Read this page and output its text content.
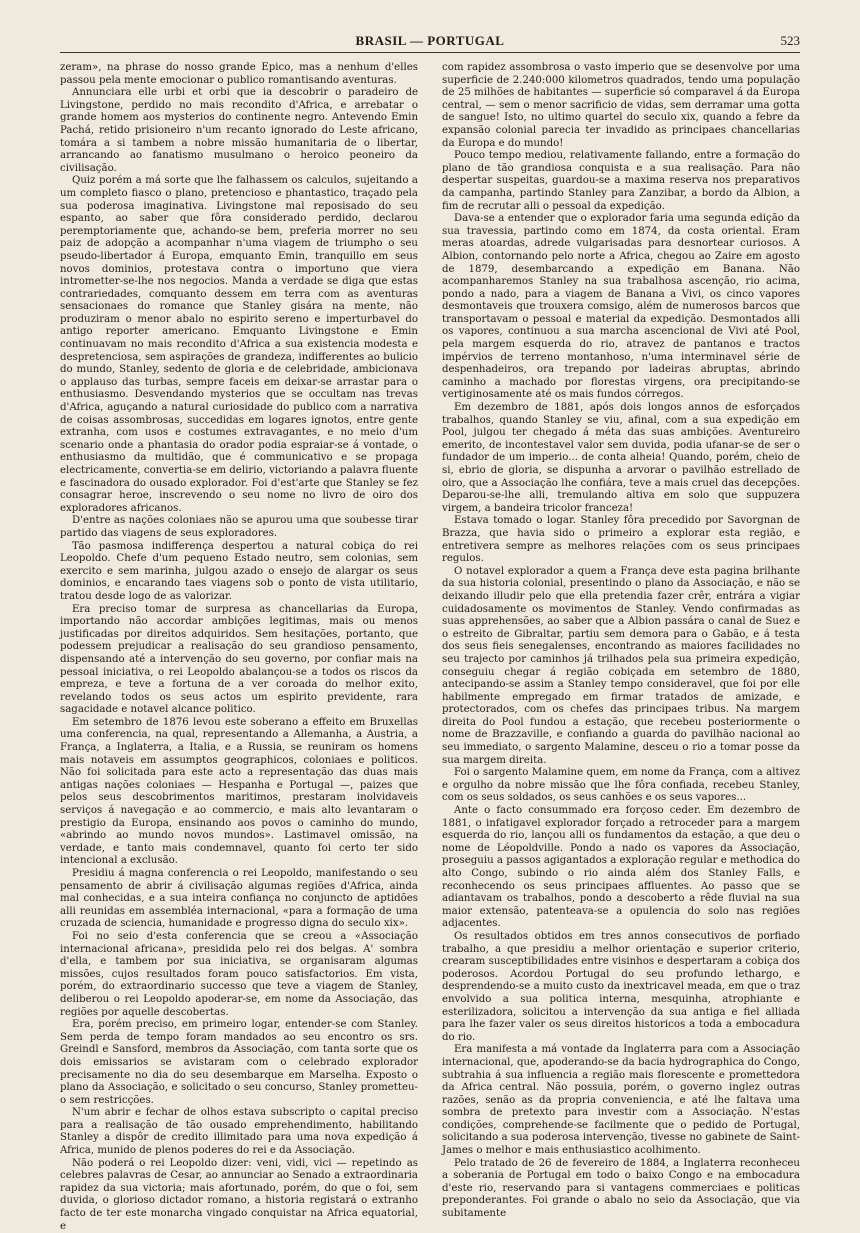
BRASIL — PORTUGAL	523

zeram», na phrase do nosso grande Epico, mas a nenhum d'elles passou pela mente emocionar o publico romantisando aventuras.

Annunciara elle urbi et orbi que ia descobrir o paradeiro de Livingstone, perdido no mais recondito d'Africa, e arrebatar o grande homem aos mysterios do continente negro. Antevendo Emin Pachá, retido prisioneiro n'um recanto ignorado do Leste africano, tomára a si tambem a nobre missão humanitaria de o libertar, arrancando ao fanatismo musulmano o heroico peoneiro da civilisação.

Quiz porém a má sorte que lhe falhassem os calculos, sujeitando a um completo fiasco o plano, pretencioso e phantastico, traçado pela sua poderosa imaginativa. Livingstone mal reposisado do seu espanto, ao saber que fôra considerado perdido, declarou peremptoriamente que, achando-se bem, preferia morrer no seu paiz de adopção a acompanhar n'uma viagem de triumpho o seu pseudo-libertador á Europa, emquanto Emin, tranquillo em seus novos dominios, protestava contra o importuno que viera intrometter-se-lhe nos negocios. Manda a verdade se diga que estas contrariedades, comquanto dessem em terra com as aventuras sensacionaes do romance que Stanley gisára na mente, não produziram o menor abalo no espirito sereno e imperturbavel do antigo reporter americano. Emquanto Livingstone e Emin continuavam no mais recondito d'Africa a sua existencia modesta e despretenciosa, sem aspirações de grandeza, indifferentes ao bulicio do mundo, Stanley, sedento de gloria e de celebridade, ambicionava o applauso das turbas, sempre faceis em deixar-se arrastar para o enthusiasmo. Desvendando mysterios que se occultam nas trevas d'Africa, aguçando a natural curiosidade do publico com a narrativa de coisas assombrosas, succedidas em logares ignotos, entre gente extranha, com usos e costumes extravagantes, e no meio d'um scenario onde a phantasia do orador podia espraiar-se á vontade, o enthusiasmo da multidão, que é communicativo e se propaga electricamente, convertia-se em delirio, victoriando a palavra fluente e fascinadora do ousado explorador. Foi d'est'arte que Stanley se fez consagrar heroe, inscrevendo o seu nome no livro de oiro dos exploradores africanos.

D'entre as nações coloniaes não se apurou uma que soubesse tirar partido das viagens de seus exploradores.

Tão pasmosa indifferença despertou a natural cobiça do rei Leopoldo. Chefe d'um pequeno Estado neutro, sem colonias, sem exercito e sem marinha, julgou azado o ensejo de alargar os seus dominios, e encarando taes viagens sob o ponto de vista utilitario, tratou desde logo de as valorizar.

Era preciso tomar de surpresa as chancellarias da Europa, importando não accordar ambições legitimas, mais ou menos justificadas por direitos adquiridos. Sem hesitações, portanto, que podessem prejudicar a realisação do seu grandioso pensamento, dispensando até a intervenção do seu governo, por confiar mais na pessoal iniciativa, o rei Leopoldo abalançou-se a todos os riscos da empreza, e teve a fortuna de a ver coroada do melhor exito, revelando todos os seus actos um espirito previdente, rara sagacidade e notavel alcance politico.

Em setembro de 1876 levou este soberano a effeito em Bruxellas uma conferencia, na qual, representando a Allemanha, a Austria, a França, a Inglaterra, a Italia, e a Russia, se reuniram os homens mais notaveis em assumptos geographicos, coloniaes e politicos. Não foi solicitada para este acto a representação das duas mais antigas nações coloniaes — Hespanha e Portugal —, paizes que pelos seus descobrimentos maritimos, prestaram inolvidaveis serviços á navegação e ao commercio, e mais alto levantaram o prestigio da Europa, ensinando aos povos o caminho do mundo, «abrindo ao mundo novos mundos». Lastimavel omissão, na verdade, e tanto mais condemnavel, quanto foi certo ter sido intencional a exclusão.

Presidiu á magna conferencia o rei Leopoldo, manifestando o seu pensamento de abrir á civilisação algumas regiões d'Africa, ainda mal conhecidas, e a sua inteira confiança no conjuncto de aptidões alli reunidas em assembléa internacional, «para a formação de uma cruzada de sciencia, humanidade e progresso digna do seculo xix».

Foi no seio d'esta conferencia que se creou a «Associação internacional africana», presidida pelo rei dos belgas. A' sombra d'ella, e tambem por sua iniciativa, se organisaram algumas missões, cujos resultados foram pouco satisfactorios. Em vista, porém, do extraordinario successo que teve a viagem de Stanley, deliberou o rei Leopoldo apoderar-se, em nome da Associação, das regiões por aquelle descobertas.

Era, porém preciso, em primeiro logar, entender-se com Stanley. Sem perda de tempo foram mandados ao seu encontro os srs. Greindl e Sansford, membros da Associação, com tanta sorte que os dois emissarios se avistaram com o celebrado explorador precisamente no dia do seu desembarque em Marselha. Exposto o plano da Associação, e solicitado o seu concurso, Stanley prometteu-o sem restricções.

N'um abrir e fechar de olhos estava subscripto o capital preciso para a realisação de tão ousado emprehendimento, habilitando Stanley a dispôr de credito illimitado para uma nova expedição á Africa, munido de plenos poderes do rei e da Associação.

Não poderá o rei Leopoldo dizer: veni, vidi, vici — repetindo as celebres palavras de Cesar, ao annunciar ao Senado a extraordinaria rapidez da sua victoria; mais afortunado, porém, do que o foi, sem duvida, o glorioso dictador romano, a historia registará o extranho facto de ter este monarcha vingado conquistar na Africa equatorial, e

com rapidez assombrosa o vasto imperio que se desenvolve por uma superficie de 2.240:000 kilometros quadrados, tendo uma população de 25 milhões de habitantes — superficie só comparavel á da Europa central, — sem o menor sacrificio de vidas, sem derramar uma gotta de sangue! Isto, no ultimo quartel do seculo xix, quando a febre da expansão colonial parecia ter invadido as principaes chancellarias da Europa e do mundo!

Pouco tempo mediou, relativamente fallando, entre a formação do plano de tão grandiosa conquista e a sua realisação. Para não despertar suspeitas, guardou-se a maxima reserva nos preparativos da campanha, partindo Stanley para Zanzibar, a bordo da Albion, a fim de recrutar alli o pessoal da expedição.

Dava-se a entender que o explorador faria uma segunda edição da sua travessia, partindo como em 1874, da costa oriental. Eram meras atoardas, adrede vulgarisadas para desnortear curiosos. A Albion, contornando pelo norte a Africa, chegou ao Zaire em agosto de 1879, desembarcando a expedição em Banana. Não acompanharemos Stanley na sua trabalhosa ascenção, rio acima, pondo a nado, para a viagem de Banana a Vivi, os cinco vapores desmontaveis que trouxera comsigo, além de numerosos barcos que transportavam o pessoal e material da expedição. Desmontados alli os vapores, continuou a sua marcha ascencional de Vivi até Pool, pela margem esquerda do rio, atravez de pantanos e tractos impérvios de terreno montanhoso, n'uma interminavel série de despenhadeiros, ora trepando por ladeiras abruptas, abrindo caminho a machado por florestas virgens, ora precipitando-se vertiginosamente até os mais fundos córregos.

Em dezembro de 1881, após dois longos annos de esforçados trabalhos, quando Stanley se viu, afinal, com a sua expedição em Pool, julgou ter chegado á méta das suas ambições. Aventureiro emerito, de incontestavel valor sem duvida, podia ufanar-se de ser o fundador de um imperio... de conta alheia! Quando, porém, cheio de si, ebrio de gloria, se dispunha a arvorar o pavilhão estrellado de oiro, que a Associação lhe confiára, teve a mais cruel das decepções. Deparou-se-lhe alli, tremulando altiva em solo que suppuzera virgem, a bandeira tricolor franceza!

Estava tomado o logar. Stanley fôra precedido por Savorgnan de Brazza, que havia sido o primeiro a explorar esta região, e entretivera sempre as melhores relações com os seus principaes regulos.

O notavel explorador a quem a França deve esta pagina brilhante da sua historia colonial, presentindo o plano da Associação, e não se deixando illudir pelo que ella pretendia fazer crêr, entrára a vigiar cuidadosamente os movimentos de Stanley. Vendo confirmadas as suas apprehensões, ao saber que a Albion passára o canal de Suez e o estreito de Gibraltar, partiu sem demora para o Gabão, e á testa dos seus fieis senegalenses, encontrando as maiores facilidades no seu trajecto por caminhos já trilhados pela sua primeira expedição, conseguiu chegar á região cobiçada em setembro de 1880, antecipando-se assim a Stanley tempo consideravel, que foi por elle habilmente empregado em firmar tratados de amizade, e protectorados, com os chefes das principaes tribus. Na margem direita do Pool fundou a estação, que recebeu posteriormente o nome de Brazzaville, e confiando a guarda do pavilhão nacional ao seu immediato, o sargento Malamine, desceu o rio a tomar posse da sua margem direita.

Foi o sargento Malamine quem, em nome da França, com a altivez e orgulho da nobre missão que lhe fôra confiada, recebeu Stanley, com os seus soldados, os seus canhões e os seus vapores...

Ante o facto consummado era forçoso ceder. Em dezembro de 1881, o infatigavel explorador forçado a retroceder para a margem esquerda do rio, lançou alli os fundamentos da estação, a que deu o nome de Léopoldville. Pondo a nado os vapores da Associação, proseguiu a passos agigantados a exploração regular e methodica do alto Congo, subindo o rio ainda além dos Stanley Falls, e reconhecendo os seus principaes affluentes. Ao passo que se adiantavam os trabalhos, pondo a descoberto a rêde fluvial na sua maior extensão, patenteava-se a opulencia do solo nas regiões adjacentes.

Os resultados obtidos em tres annos consecutivos de porfiado trabalho, a que presidiu a melhor orientação e superior criterio, crearam susceptibilidades entre visinhos e despertaram a cobiça dos poderosos. Acordou Portugal do seu profundo lethargo, e desprendendo-se a muito custo da inextricavel meada, em que o traz envolvido a sua politica interna, mesquinha, atrophiante e esterilizadora, solicitou a intervenção da sua antiga e fiel alliada para lhe fazer valer os seus direitos historicos a toda a embocadura do rio.

Era manifesta a má vontade da Inglaterra para com a Associação internacional, que, apoderando-se da bacia hydrographica do Congo, subtrahia á sua influencia a região mais florescente e promettedora da Africa central. Não possuia, porém, o governo inglez outras razões, senão as da propria conveniencia, e até lhe faltava uma sombra de pretexto para investir com a Associação. N'estas condições, comprehende-se facilmente que o pedido de Portugal, solicitando a sua poderosa intervenção, tivesse no gabinete de Saint-James o melhor e mais enthusiastico acolhimento.

Pelo tratado de 26 de fevereiro de 1884, a Inglaterra reconheceu a soberania de Portugal em todo o baixo Congo e na embocadura d'este rio, reservando para si vantagens commerciaes e politicas preponderantes. Foi grande o abalo no seio da Associação, que via subitamente
